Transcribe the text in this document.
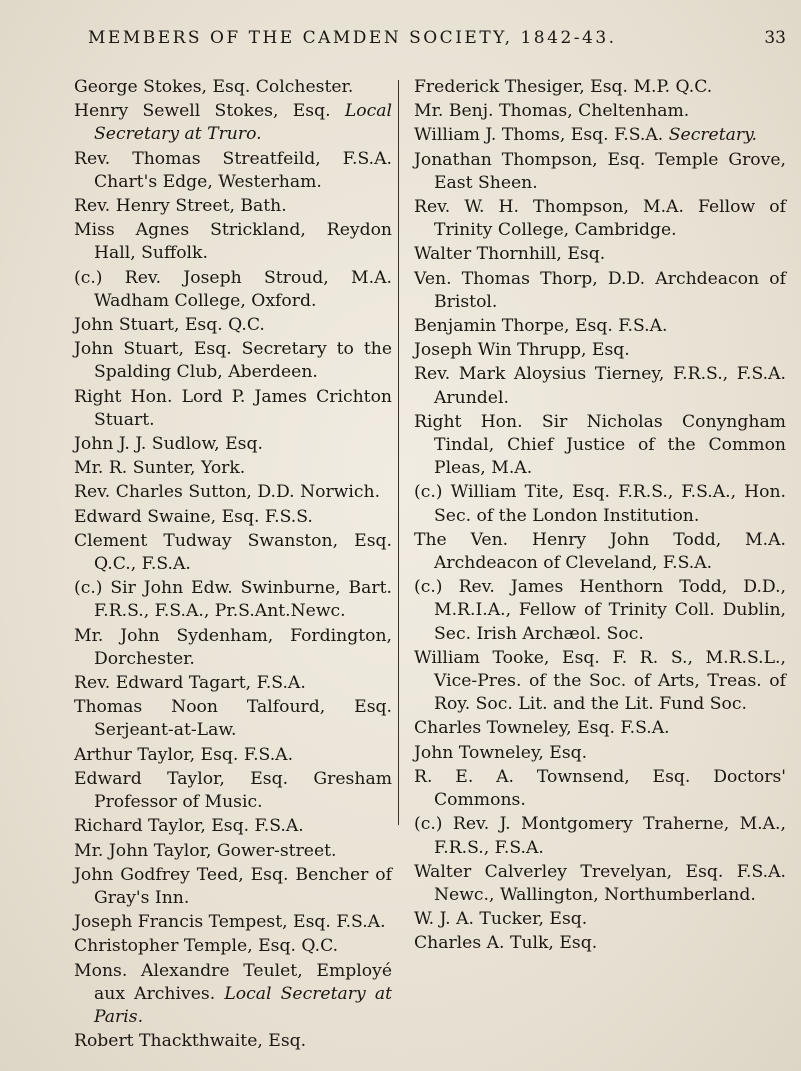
MEMBERS OF THE CAMDEN SOCIETY, 1842-43.	33
George Stokes, Esq. Colchester.
Henry Sewell Stokes, Esq. Local Secretary at Truro.
Rev. Thomas Streatfeild, F.S.A. Chart's Edge, Westerham.
Rev. Henry Street, Bath.
Miss Agnes Strickland, Reydon Hall, Suffolk.
(c.) Rev. Joseph Stroud, M.A. Wadham College, Oxford.
John Stuart, Esq. Q.C.
John Stuart, Esq. Secretary to the Spalding Club, Aberdeen.
Right Hon. Lord P. James Crichton Stuart.
John J. J. Sudlow, Esq.
Mr. R. Sunter, York.
Rev. Charles Sutton, D.D. Norwich.
Edward Swaine, Esq. F.S.S.
Clement Tudway Swanston, Esq. Q.C., F.S.A.
(c.) Sir John Edw. Swinburne, Bart. F.R.S., F.S.A., Pr.S.Ant.Newc.
Mr. John Sydenham, Fordington, Dorchester.
Rev. Edward Tagart, F.S.A.
Thomas Noon Talfourd, Esq. Serjeant-at-Law.
Arthur Taylor, Esq. F.S.A.
Edward Taylor, Esq. Gresham Professor of Music.
Richard Taylor, Esq. F.S.A.
Mr. John Taylor, Gower-street.
John Godfrey Teed, Esq. Bencher of Gray's Inn.
Joseph Francis Tempest, Esq. F.S.A.
Christopher Temple, Esq. Q.C.
Mons. Alexandre Teulet, Employé aux Archives. Local Secretary at Paris.
Robert Thackthwaite, Esq.
Frederick Thesiger, Esq. M.P. Q.C.
Mr. Benj. Thomas, Cheltenham.
William J. Thoms, Esq. F.S.A. Secretary.
Jonathan Thompson, Esq. Temple Grove, East Sheen.
Rev. W. H. Thompson, M.A. Fellow of Trinity College, Cambridge.
Walter Thornhill, Esq.
Ven. Thomas Thorp, D.D. Archdeacon of Bristol.
Benjamin Thorpe, Esq. F.S.A.
Joseph Win Thrupp, Esq.
Rev. Mark Aloysius Tierney, F.R.S., F.S.A. Arundel.
Right Hon. Sir Nicholas Conyngham Tindal, Chief Justice of the Common Pleas, M.A.
(c.) William Tite, Esq. F.R.S., F.S.A., Hon. Sec. of the London Institution.
The Ven. Henry John Todd, M.A. Archdeacon of Cleveland, F.S.A.
(c.) Rev. James Henthorn Todd, D.D., M.R.I.A., Fellow of Trinity Coll. Dublin, Sec. Irish Archæol. Soc.
William Tooke, Esq. F. R. S., M.R.S.L., Vice-Pres. of the Soc. of Arts, Treas. of Roy. Soc. Lit. and the Lit. Fund Soc.
Charles Towneley, Esq. F.S.A.
John Towneley, Esq.
R. E. A. Townsend, Esq. Doctors' Commons.
(c.) Rev. J. Montgomery Traherne, M.A., F.R.S., F.S.A.
Walter Calverley Trevelyan, Esq. F.S.A. Newc., Wallington, Northumberland.
W. J. A. Tucker, Esq.
Charles A. Tulk, Esq.
